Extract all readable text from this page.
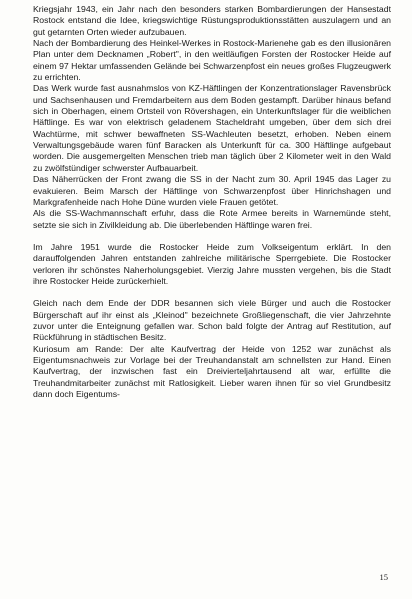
Kriegsjahr 1943, ein Jahr nach den besonders starken Bombardierungen der Hansestadt Rostock entstand die Idee, kriegswichtige Rüstungsproduktionsstätten auszulagern und an gut getarnten Orten wieder aufzubauen.

Nach der Bombardierung des Heinkel-Werkes in Rostock-Marienehe gab es den illusionären Plan unter dem Decknamen „Robert", in den weitläufigen Forsten der Rostocker Heide auf einem 97 Hektar umfassenden Gelände bei Schwarzenpfost ein neues großes Flugzeugwerk zu errichten.

Das Werk wurde fast ausnahmslos von KZ-Häftlingen der Konzentrationslager Ravensbrück und Sachsenhausen und Fremdarbeitern aus dem Boden gestampft. Darüber hinaus befand sich in Oberhagen, einem Ortsteil von Rövershagen, ein Unterkunftslager für die weiblichen Häftlinge. Es war von elektrisch geladenem Stacheldraht umgeben, über dem sich drei Wachtürme, mit schwer bewaffneten SS-Wachleuten besetzt, erhoben. Neben einem Verwaltungsgebäude waren fünf Baracken als Unterkunft für ca. 300 Häftlinge aufgebaut worden. Die ausgemergelten Menschen trieb man täglich über 2 Kilometer weit in den Wald zu zwölfstündiger schwerster Aufbauarbeit.

Das Näherrücken der Front zwang die SS in der Nacht zum 30. April 1945 das Lager zu evakuieren. Beim Marsch der Häftlinge von Schwarzenpfost über Hinrichshagen und Markgrafenheide nach Hohe Düne wurden viele Frauen getötet.

Als die SS-Wachmannschaft erfuhr, dass die Rote Armee bereits in Warnemünde steht, setzte sie sich in Zivilkleidung ab. Die überlebenden Häftlinge waren frei.

Im Jahre 1951 wurde die Rostocker Heide zum Volkseigentum erklärt. In den darauffolgenden Jahren entstanden zahlreiche militärische Sperrgebiete. Die Rostocker verloren ihr schönstes Naherholungsgebiet. Vierzig Jahre mussten vergehen, bis die Stadt ihre Rostocker Heide zurückerhielt.

Gleich nach dem Ende der DDR besannen sich viele Bürger und auch die Rostocker Bürgerschaft auf ihr einst als „Kleinod" bezeichnete Großliegenschaft, die vier Jahrzehnte zuvor unter die Enteignung gefallen war. Schon bald folgte der Antrag auf Restitution, auf Rückführung in städtischen Besitz.

Kuriosum am Rande: Der alte Kaufvertrag der Heide von 1252 war zunächst als Eigentumsnachweis zur Vorlage bei der Treuhandanstalt am schnellsten zur Hand. Einen Kaufvertrag, der inzwischen fast ein Dreivierteljahrtausend alt war, erfüllte die Treuhandmitarbeiter zunächst mit Ratlosigkeit. Lieber waren ihnen für so viel Grundbesitz dann doch Eigentums-

15
